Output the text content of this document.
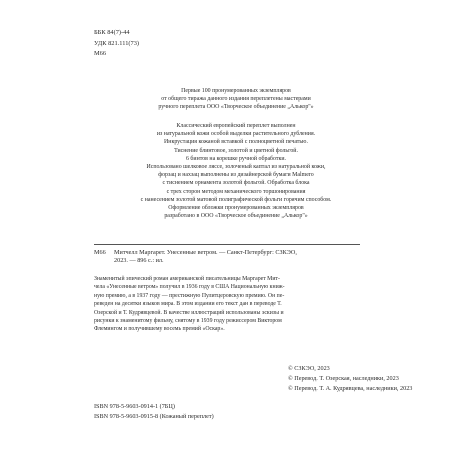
ББК 84(7)-44
УДК 821.111(73)
М66
Первые 100 пронумерованных экземпляров
от общего тиража данного издания переплетены мастерами
ручного переплета ООО «Творческое объединение „Алькор"»
Классический европейский переплет выполнен
из натуральной кожи особой выделки растительного дубления.
Инкрустация кожаной вставкой с полноцветной печатью.
Тиснение блинтовое, золотой и цветной фольгой.
6 бинтов на корешке ручной обработки.
Использовано шелковое ляссе, золоченый каптал из натуральной кожи,
форзац и нахзац выполнены из дизайнерской бумаги Malmero
с тиснением орнамента золотой фольгой. Обработка блока
с трех сторон методом механического торшонирования
с нанесением золотой матовой полиграфической фольги горячим способом.
Оформление обложки пронумерованных экземпляров
разработано в ООО «Творческое объединение „Алькор"»
М66 Митчелл Маргарет. Унесенные ветром. — Санкт-Петербург: СЗКЭО,
2023. — 896 с.: ил.
Знаменитый эпический роман американской писательницы Маргарет Мит-
чела «Унесенные ветром» получил в 1936 году в США Национальную книж-
ную премию, а в 1937 году — престижную Пулитцеровскую премию. Он пе-
реведен на десятки языков мира. В этом издании его текст дан в переводе Т.
Озерской и Т. Кудрявцевой. В качестве иллюстраций использованы эскизы и
рисунки к знаменитому фильму, снятому в 1939 году режиссером Виктором
Флемингом и получившему восемь премий «Оскар».
© СЗКЭО, 2023
© Перевод. Т. Озерская, наследники, 2023
© Перевод. Т. А. Кудрявцева, наследники, 2023
ISBN 978-5-9603-0914-1 (7БЦ)
ISBN 978-5-9603-0915-8 (Кожаный переплет)
